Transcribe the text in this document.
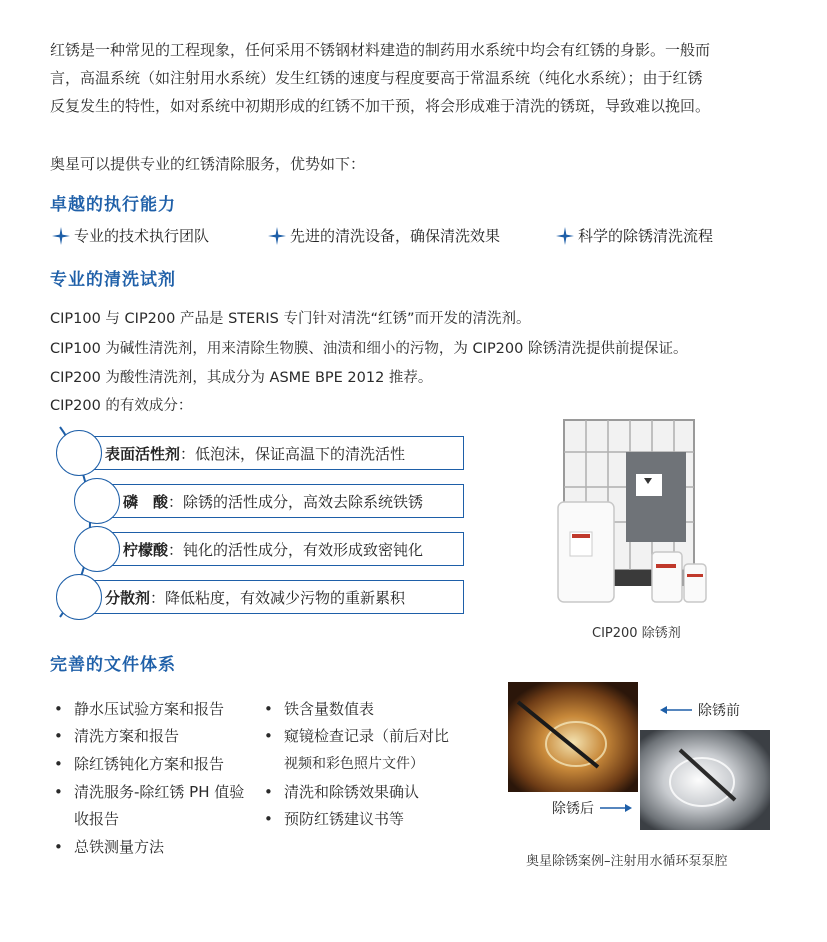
红锈是一种常见的工程现象，任何采用不锈钢材料建造的制药用水系统中均会有红锈的身影。一般而
言，高温系统（如注射用水系统）发生红锈的速度与程度要高于常温系统（纯化水系统）；由于红锈
反复发生的特性，如对系统中初期形成的红锈不加干预，将会形成难于清洗的锈斑，导致难以挽回。
奥星可以提供专业的红锈清除服务，优势如下：
卓越的执行能力
专业的技术执行团队	先进的清洗设备，确保清洗效果	科学的除锈清洗流程
专业的清洗试剂
CIP100 与 CIP200 产品是 STERIS 专门针对清洗“红锈”而开发的清洗剂。
CIP100 为碱性清洗剂，用来清除生物膜、油渍和细小的污物，为 CIP200 除锈清洗提供前提保证。
CIP200 为酸性清洗剂，其成分为 ASME BPE 2012 推荐。
CIP200 的有效成分：
表面活性剂：低泡沫，保证高温下的清洗活性
磷　酸：除锈的活性成分，高效去除系统铁锈
柠檬酸：钝化的活性成分，有效形成致密钝化
分散剂：降低粘度，有效减少污物的重新累积
CIP200 除锈剂
完善的文件体系
• 静水压试验方案和报告
• 清洗方案和报告
• 除红锈钝化方案和报告
• 清洗服务-除红锈 PH 值验
收报告
• 总铁测量方法
• 铁含量数值表
• 窥镜检查记录（前后对比
视频和彩色照片文件）
• 清洗和除锈效果确认
• 预防红锈建议书等
除锈前
除锈后
奥星除锈案例–注射用水循环泵泵腔
